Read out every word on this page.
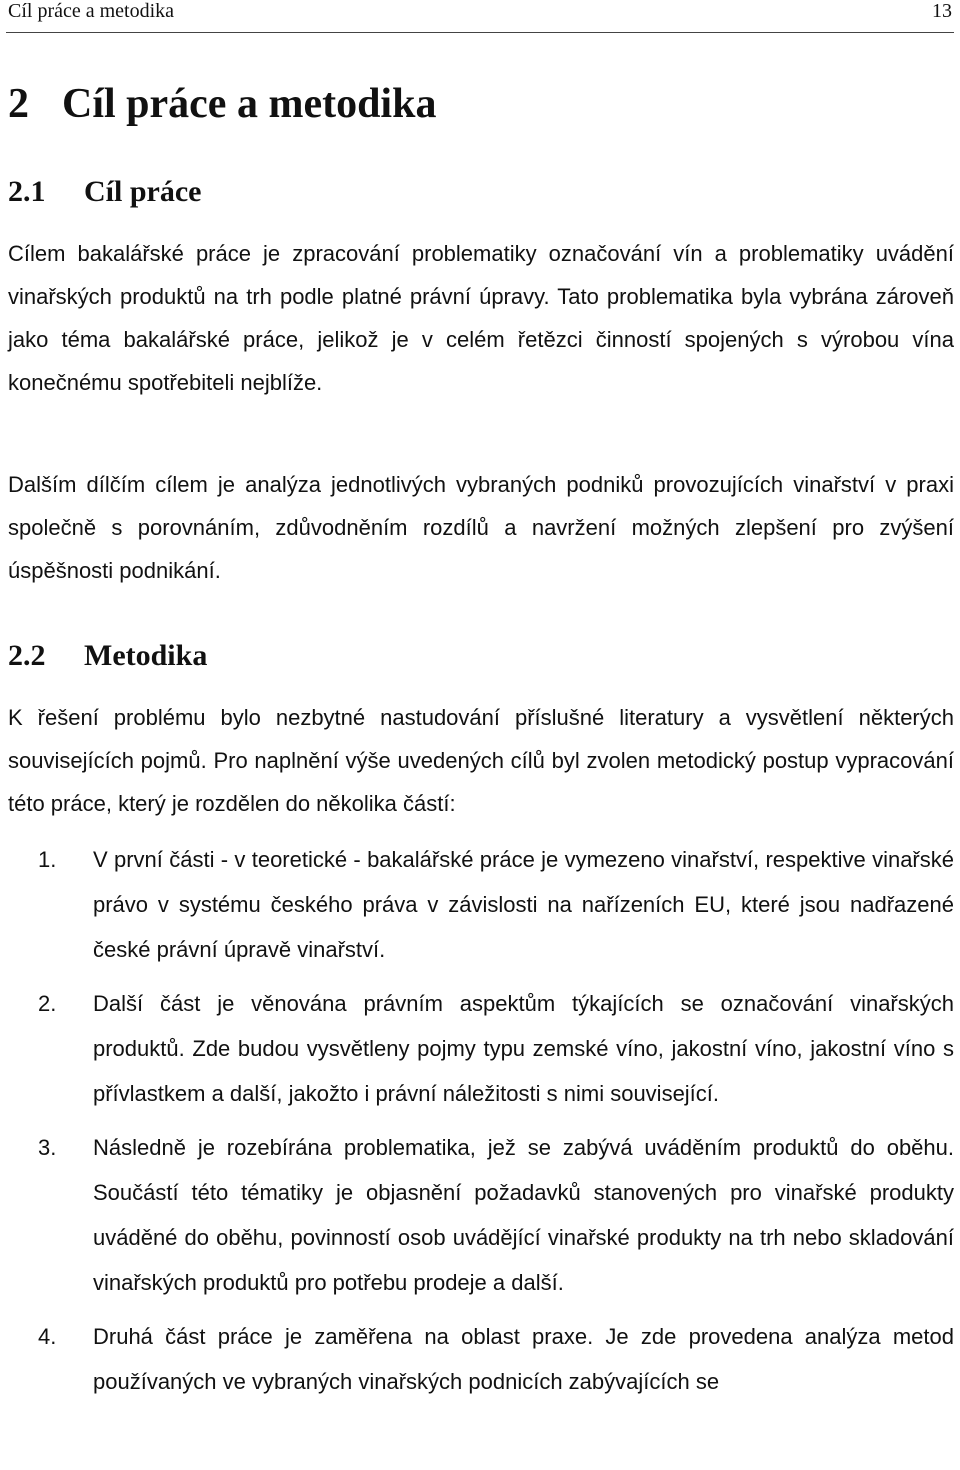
Cíl práce a metodika	13
2 Cíl práce a metodika
2.1 Cíl práce

Cílem bakalářské práce je zpracování problematiky označování vín a problematiky uvádění vinařských produktů na trh podle platné právní úpravy. Tato problematika byla vybrána zároveň jako téma bakalářské práce, jelikož je v celém řetězci činností spojených s výrobou vína konečnému spotřebiteli nejblíže.

Dalším dílčím cílem je analýza jednotlivých vybraných podniků provozujících vinařství v praxi společně s porovnáním, zdůvodněním rozdílů a navržení možných zlepšení pro zvýšení úspěšnosti podnikání.

2.2 Metodika

K řešení problému bylo nezbytné nastudování příslušné literatury a vysvětlení některých souvisejících pojmů. Pro naplnění výše uvedených cílů byl zvolen metodický postup vypracování této práce, který je rozdělen do několika částí:

1. V první části - v teoretické - bakalářské práce je vymezeno vinařství, respektive vinařské právo v systému českého práva v závislosti na nařízeních EU, které jsou nadřazené české právní úpravě vinařství.
2. Další část je věnována právním aspektům týkajících se označování vinařských produktů. Zde budou vysvětleny pojmy typu zemské víno, jakostní víno, jakostní víno s přívlastkem a další, jakožto i právní náležitosti s nimi související.
3. Následně je rozebírána problematika, jež se zabývá uváděním produktů do oběhu. Součástí této tématiky je objasnění požadavků stanovených pro vinařské produkty uváděné do oběhu, povinností osob uvádějící vinařské produkty na trh nebo skladování vinařských produktů pro potřebu prodeje a další.
4. Druhá část práce je zaměřena na oblast praxe. Je zde provedena analýza metod používaných ve vybraných vinařských podnicích zabývajících se
